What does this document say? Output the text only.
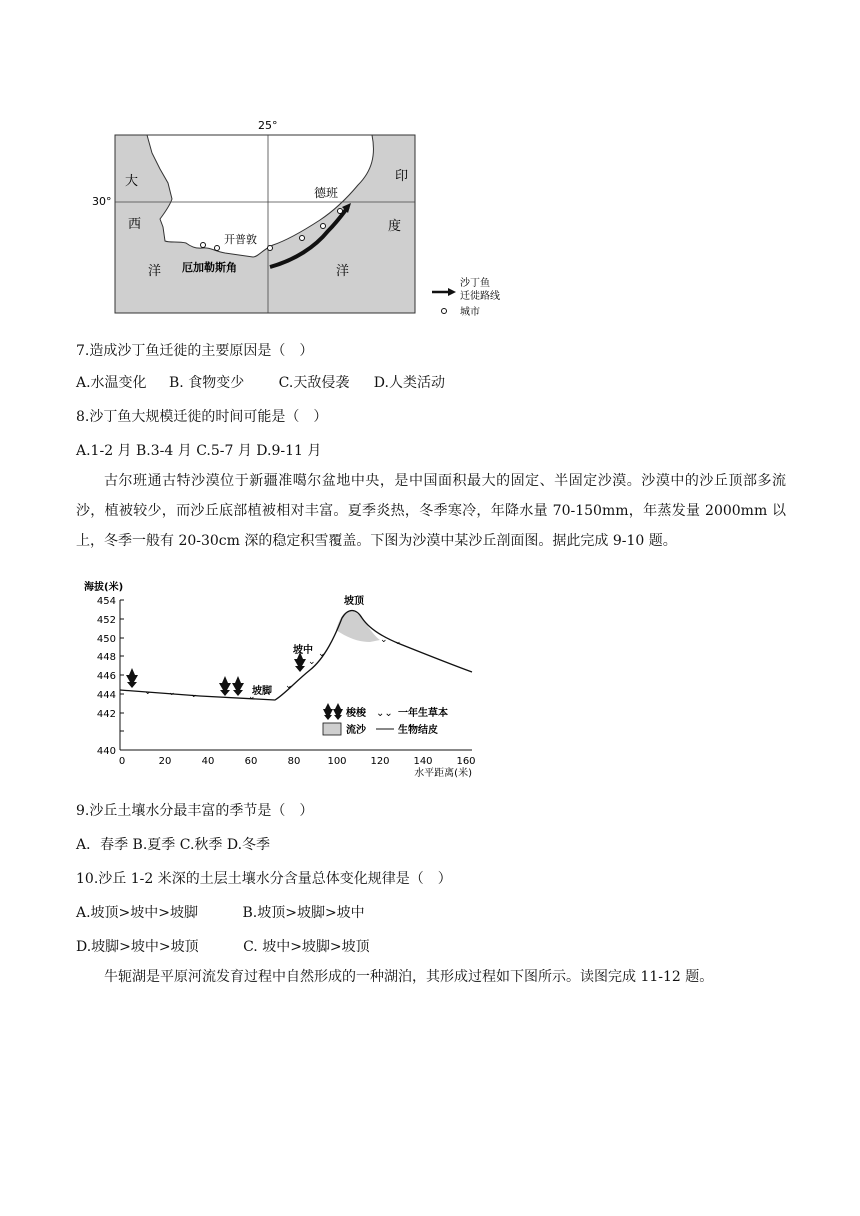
25°
30°
大
西
洋
印
度
洋
德班
开普敦
厄加勒斯角
沙丁鱼
迁徙路线
城市
7.造成沙丁鱼迁徙的主要原因是（　）
A.水温变化 B. 食物变少 C.天敌侵袭 D.人类活动
8.沙丁鱼大规模迁徙的时间可能是（　）
A.1-2 月 B.3-4 月 C.5-7 月 D.9-11 月
古尔班通古特沙漠位于新疆准噶尔盆地中央，是中国面积最大的固定、半固定沙漠。沙漠中的沙丘顶部多流沙，植被较少，而沙丘底部植被相对丰富。夏季炎热，冬季寒冷，年降水量 70-150mm，年蒸发量 2000mm 以上，冬季一般有 20-30cm 深的稳定积雪覆盖。下图为沙漠中某沙丘剖面图。据此完成 9-10 题。
海拔(米)
454
452
450
448
446
444
442
440
0	20	40	60	80	100 120 140 160
水平距离(米)
⌄ ⌄ ⌄	⌄
⌄
⌄
⌄
⌄ ⌄
坡顶
坡中
坡脚
梭梭 ⌄⌄ 一年生草本
流沙	生物结皮
9.沙丘土壤水分最丰富的季节是（　）
A．春季 B.夏季 C.秋季 D.冬季
10.沙丘 1-2 米深的土层土壤水分含量总体变化规律是（　）
A.坡顶>坡中>坡脚	B.坡顶>坡脚>坡中
D.坡脚>坡中>坡顶	C. 坡中>坡脚>坡顶
牛轭湖是平原河流发育过程中自然形成的一种湖泊，其形成过程如下图所示。读图完成 11-12 题。
